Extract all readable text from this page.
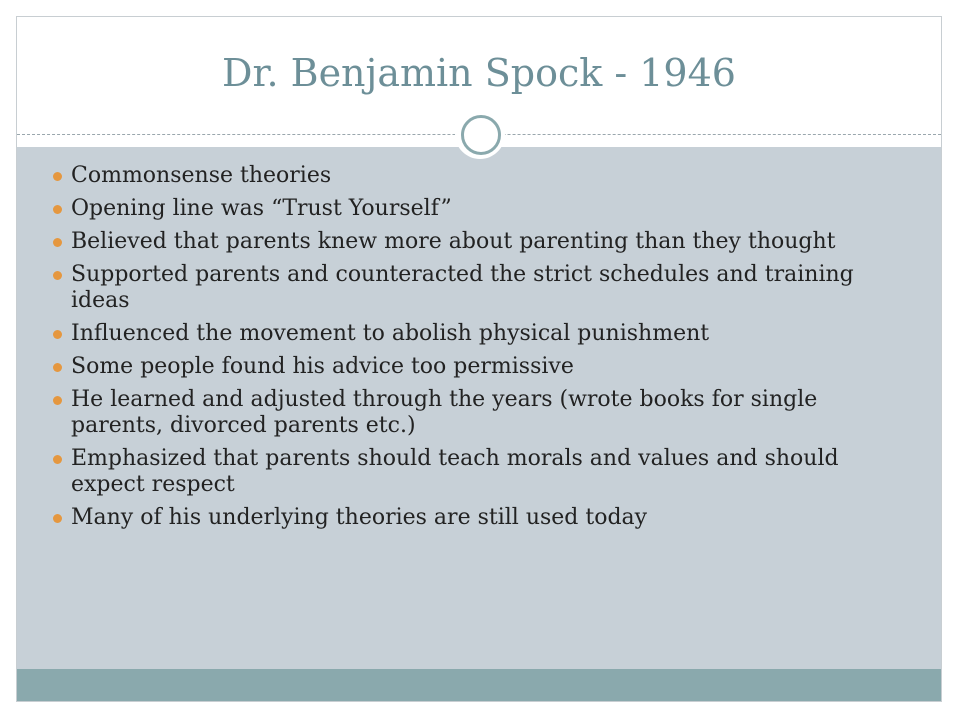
Dr. Benjamin Spock - 1946
Commonsense theories
Opening line was “Trust Yourself”
Believed that parents knew more about parenting than they thought
Supported parents and counteracted the strict schedules and training ideas
Influenced the movement to abolish physical punishment
Some people found his advice too permissive
He learned and adjusted through the years (wrote books for single parents, divorced parents etc.)
Emphasized that parents should teach morals and values and should expect respect
Many of his underlying theories are still used today
